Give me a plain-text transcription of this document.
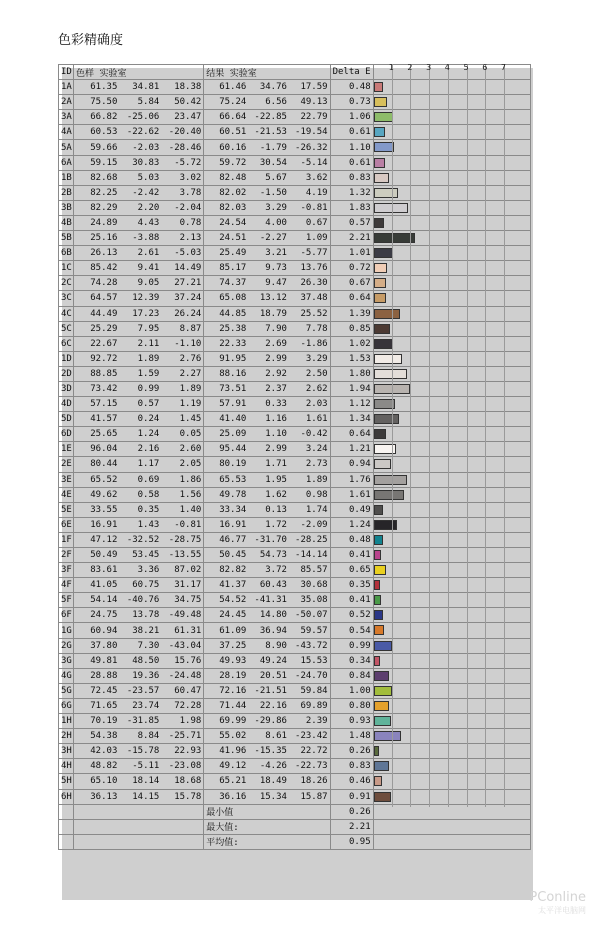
色彩精确度
ID	色样 实验室	结果 实验室	Delta E	
1A	61.35 34.81 18.38	61.46 34.76 17.59	0.48	

2A	75.50 5.84 50.42	75.24 6.56 49.13	0.73	

3A	66.82 -25.06 23.47	66.64 -22.85 22.79	1.06	

4A	60.53 -22.62 -20.40	60.51 -21.53 -19.54	0.61	

5A	59.66 -2.03 -28.46	60.16 -1.79 -26.32	1.10	

6A	59.15 30.83 -5.72	59.72 30.54 -5.14	0.61	

1B	82.68 5.03 3.02	82.48 5.67 3.62	0.83	

2B	82.25 -2.42 3.78	82.02 -1.50 4.19	1.32	

3B	82.29 2.20 -2.04	82.03 3.29 -0.81	1.83	

4B	24.89 4.43 0.78	24.54 4.00 0.67	0.57	

5B	25.16 -3.88 2.13	24.51 -2.27 1.09	2.21	

6B	26.13 2.61 -5.03	25.49 3.21 -5.77	1.01	

1C	85.42 9.41 14.49	85.17 9.73 13.76	0.72	

2C	74.28 9.05 27.21	74.37 9.47 26.30	0.67	

3C	64.57 12.39 37.24	65.08 13.12 37.48	0.64	

4C	44.49 17.23 26.24	44.85 18.79 25.52	1.39	

5C	25.29 7.95 8.87	25.38 7.90 7.78	0.85	

6C	22.67 2.11 -1.10	22.33 2.69 -1.86	1.02	

1D	92.72 1.89 2.76	91.95 2.99 3.29	1.53	

2D	88.85 1.59 2.27	88.16 2.92 2.50	1.80	

3D	73.42 0.99 1.89	73.51 2.37 2.62	1.94	

4D	57.15 0.57 1.19	57.91 0.33 2.03	1.12	

5D	41.57 0.24 1.45	41.40 1.16 1.61	1.34	

6D	25.65 1.24 0.05	25.09 1.10 -0.42	0.64	

1E	96.04 2.16 2.60	95.44 2.99 3.24	1.21	

2E	80.44 1.17 2.05	80.19 1.71 2.73	0.94	

3E	65.52 0.69 1.86	65.53 1.95 1.89	1.76	

4E	49.62 0.58 1.56	49.78 1.62 0.98	1.61	

5E	33.55 0.35 1.40	33.34 0.13 1.74	0.49	

6E	16.91 1.43 -0.81	16.91 1.72 -2.09	1.24	

1F	47.12 -32.52 -28.75	46.77 -31.70 -28.25	0.48	

2F	50.49 53.45 -13.55	50.45 54.73 -14.14	0.41	

3F	83.61 3.36 87.02	82.82 3.72 85.57	0.65	

4F	41.05 60.75 31.17	41.37 60.43 30.68	0.35	

5F	54.14 -40.76 34.75	54.52 -41.31 35.08	0.41	

6F	24.75 13.78 -49.48	24.45 14.80 -50.07	0.52	

1G	60.94 38.21 61.31	61.09 36.94 59.57	0.54	

2G	37.80 7.30 -43.04	37.25 8.90 -43.72	0.99	

3G	49.81 48.50 15.76	49.93 49.24 15.53	0.34	

4G	28.88 19.36 -24.48	28.19 20.51 -24.70	0.84	

5G	72.45 -23.57 60.47	72.16 -21.51 59.84	1.00	

6G	71.65 23.74 72.28	71.44 22.16 69.89	0.80	

1H	70.19 -31.85 1.98	69.99 -29.86 2.39	0.93	

2H	54.38 8.84 -25.71	55.02 8.61 -23.42	1.48	

3H	42.03 -15.78 22.93	41.96 -15.35 22.72	0.26	

4H	48.82 -5.11 -23.08	49.12 -4.26 -22.73	0.83	

5H	65.10 18.14 18.68	65.21 18.49 18.26	0.46	

6H	36.13 14.15 15.78	36.16 15.34 15.87	0.91	

		最小值	0.26	
		最大值:	2.21	
		平均值:	0.95	
1 2 3 4 5 6 7
PConline
太平洋电脑网
